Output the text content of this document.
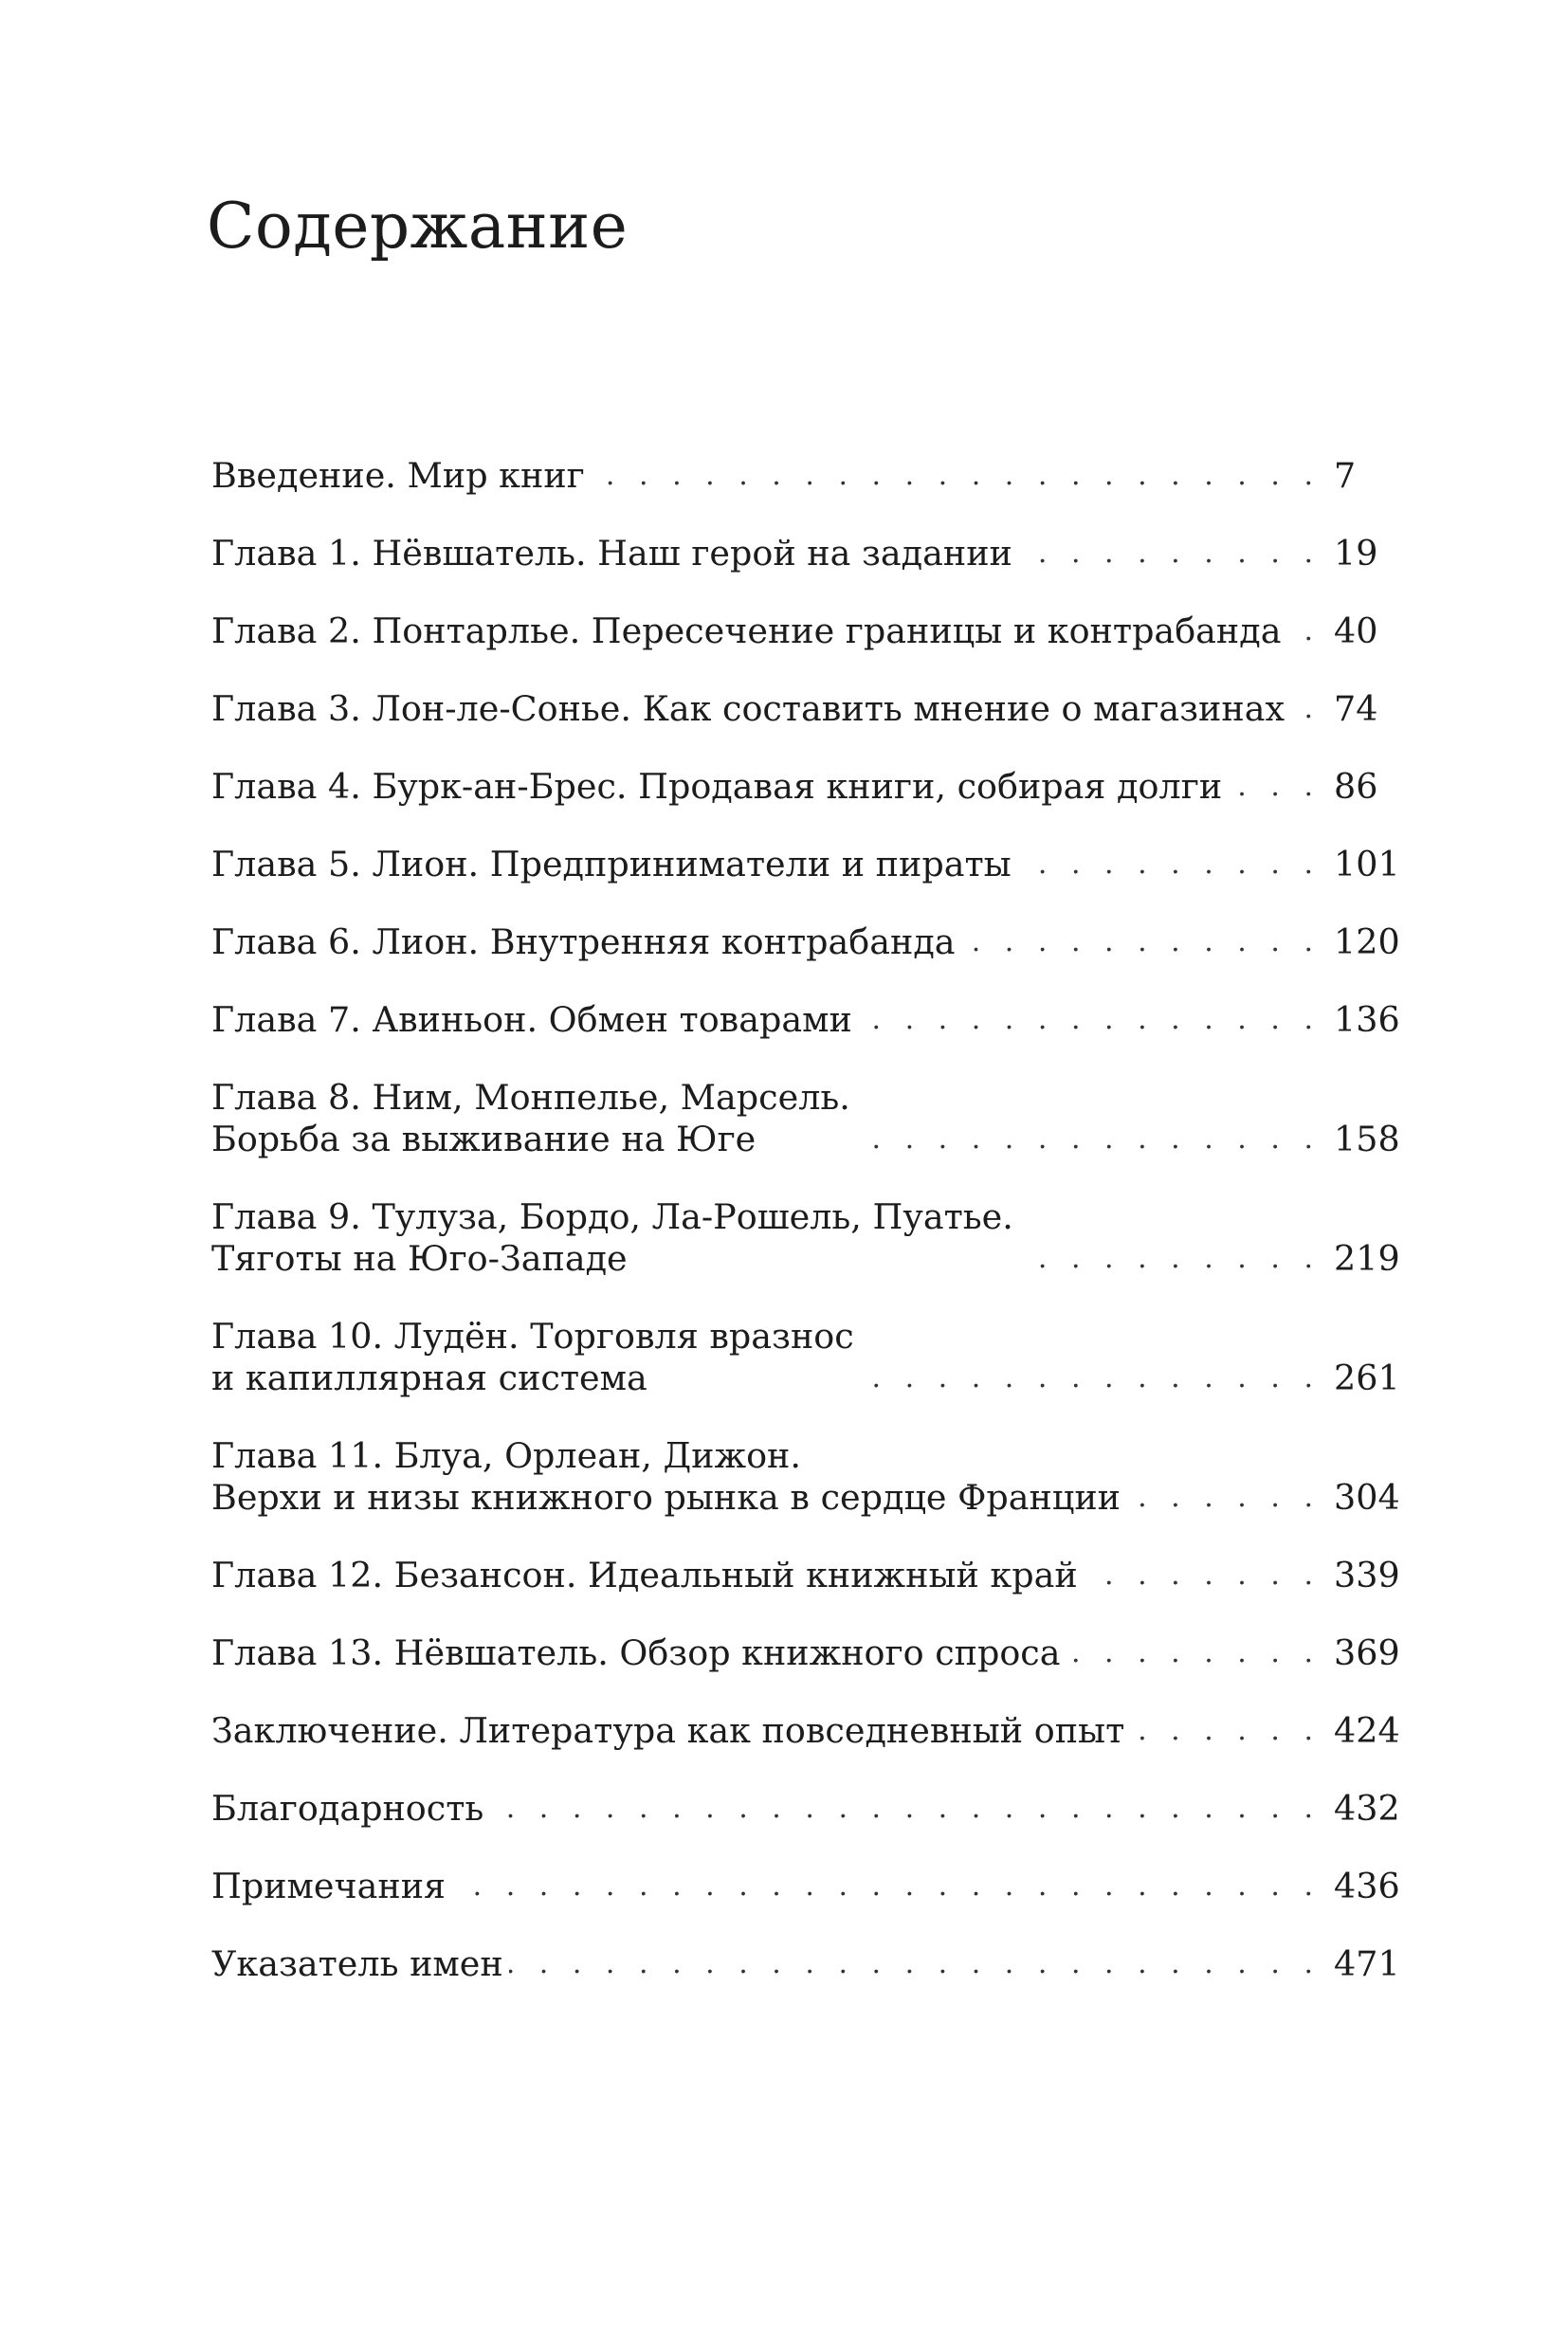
Содержание
Введение. Мир книг . . .	7
Глава 1. Нёвшатель. Наш герой на задании . . .	19
Глава 2. Понтарлье. Пересечение границы и контрабанда . . . 40
Глава 3. Лон-ле-Сонье. Как составить мнение о магазинах . . . 74
Глава 4. Бурк-ан-Брес. Продавая книги, собирая долги . . .	86
Глава 5. Лион. Предприниматели и пираты . . .	101
Глава 6. Лион. Внутренняя контрабанда . . .	120
Глава 7. Авиньон. Обмен товарами . . .	136
Глава 8. Ним, Монпелье, Марсель.
Борьба за выживание на Юге . . .	158
Глава 9. Тулуза, Бордо, Ла-Рошель, Пуатье.
Тяготы на Юго-Западе . . .	219
Глава 10. Лудён. Торговля вразнос
и капиллярная система . . .	261
Глава 11. Блуа, Орлеан, Дижон.
Верхи и низы книжного рынка в сердце Франции . . .	304
Глава 12. Безансон. Идеальный книжный край . . .	339
Глава 13. Нёвшатель. Обзор книжного спроса . . .	369
Заключение. Литература как повседневный опыт . . .	424
Благодарность . . .	432
Примечания . . .	436
Указатель имен . . .	471
